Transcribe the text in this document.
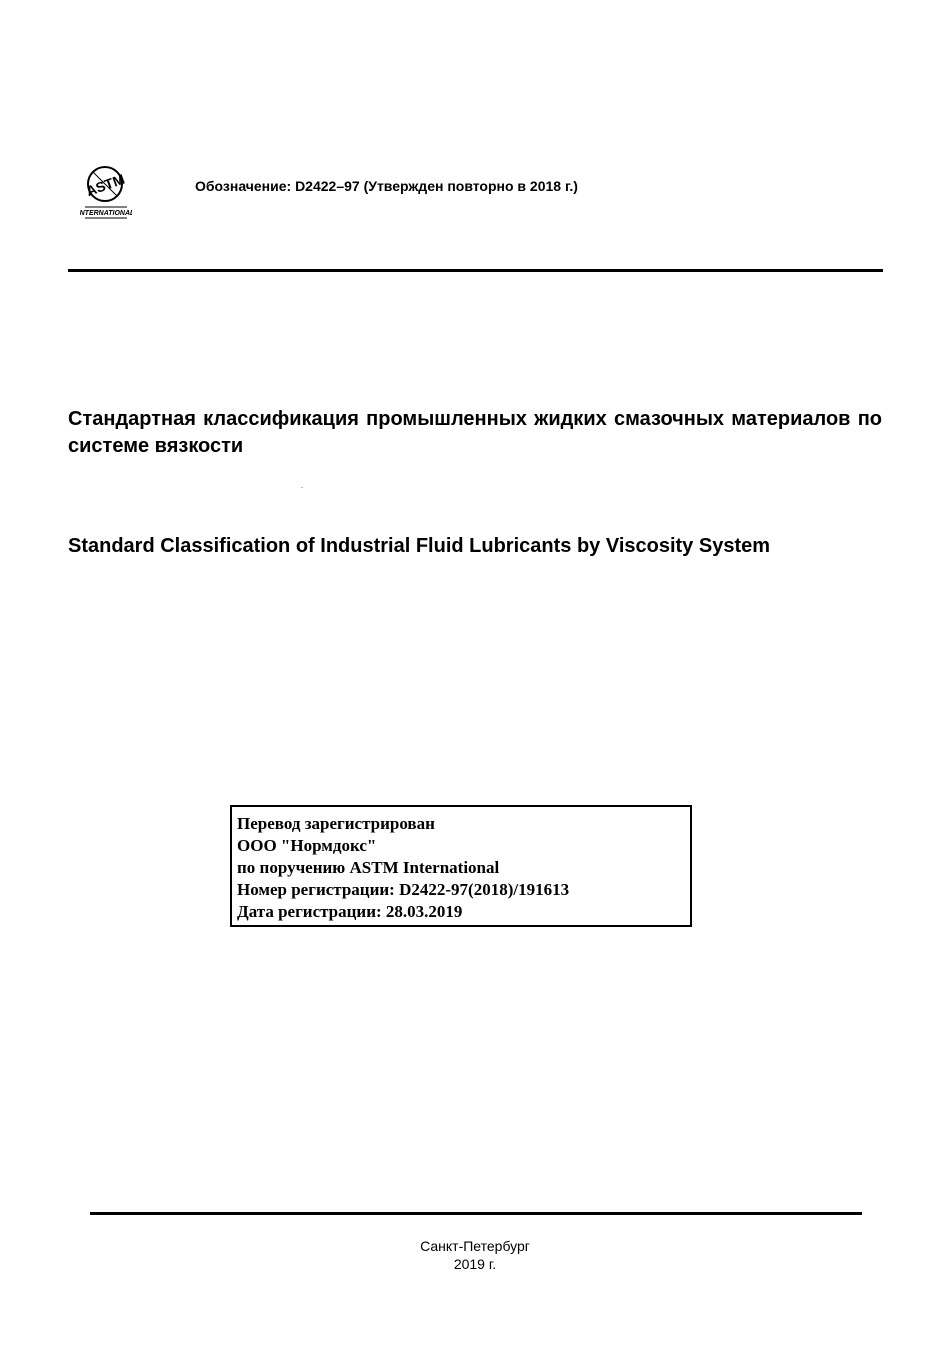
ASTM
INTERNATIONAL
Обозначение: D2422–97 (Утвержден повторно в 2018 г.)
Стандартная классификация промышленных жидких смазочных материалов по системе вязкости
Standard Classification of Industrial Fluid Lubricants by Viscosity System
Перевод зарегистрирован
ООО "Нормдокс"
по поручению ASTM International
Номер регистрации: D2422-97(2018)/191613
Дата регистрации: 28.03.2019
Санкт-Петербург
2019 г.
